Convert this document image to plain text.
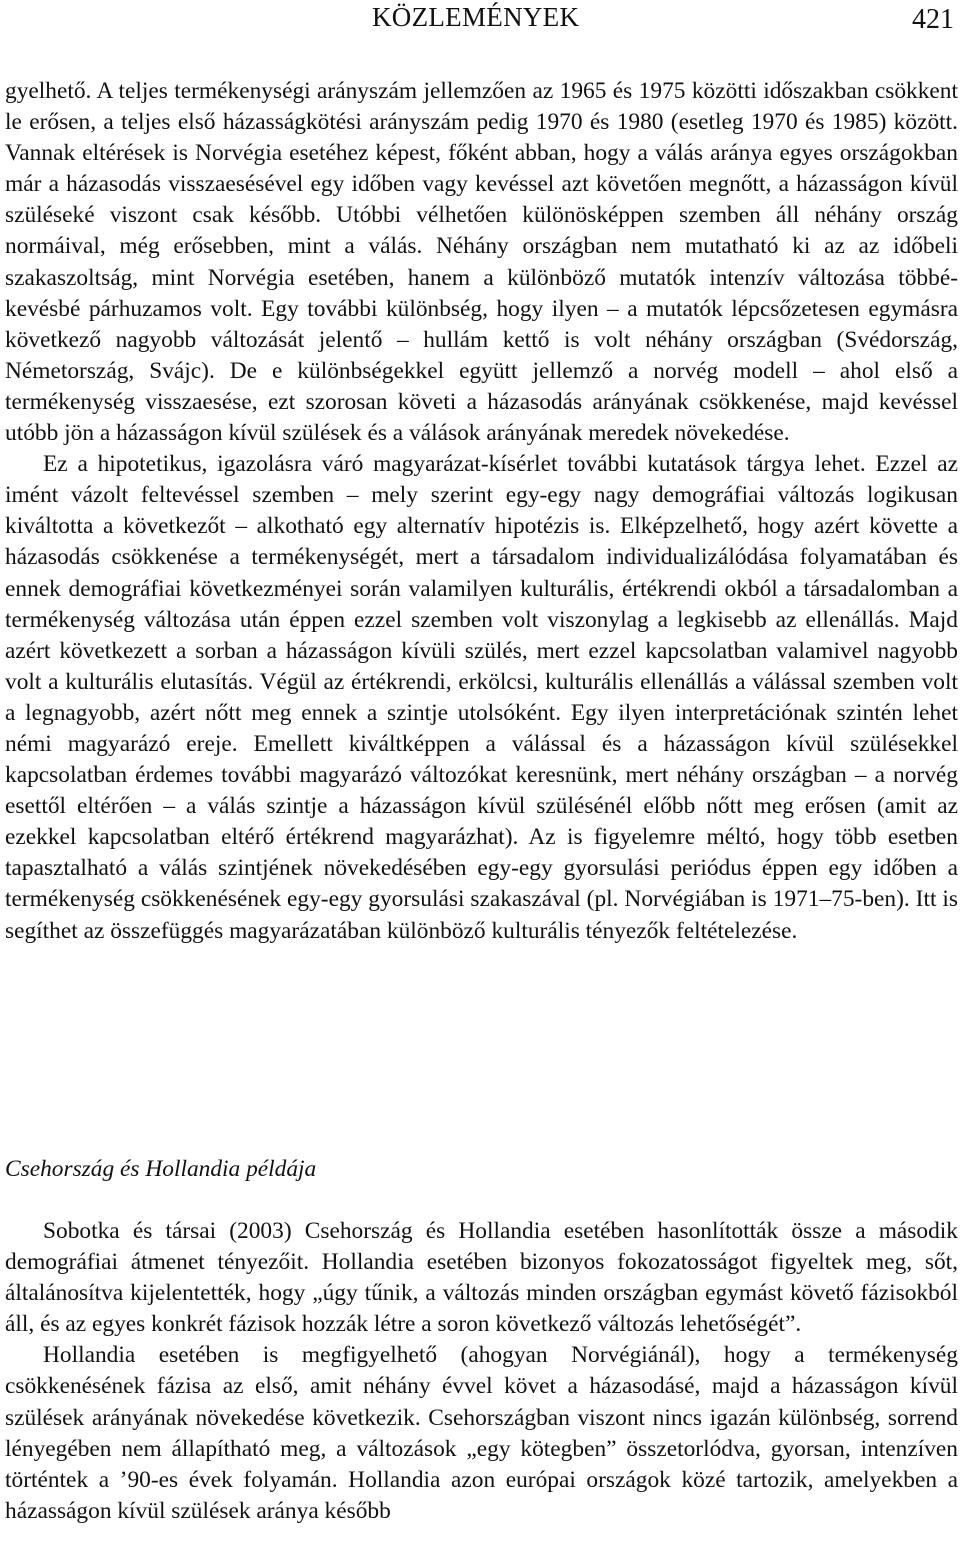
KÖZLEMÉNYEK	421

gyelhető. A teljes termékenységi arányszám jellemzően az 1965 és 1975 közötti időszakban csökkent le erősen, a teljes első házasságkötési arányszám pedig 1970 és 1980 (esetleg 1970 és 1985) között. Vannak eltérések is Norvégia esetéhez képest, főként abban, hogy a válás aránya egyes országokban már a házasodás visszaesésével egy időben vagy kevéssel azt követően megnőtt, a házasságon kívül szüléseké viszont csak később. Utóbbi vélhetően különösképpen szemben áll néhány ország normáival, még erősebben, mint a válás. Néhány országban nem mutatható ki az az időbeli szakaszoltság, mint Norvégia esetében, hanem a különböző mutatók intenzív változása többé-kevésbé párhuzamos volt. Egy további különbség, hogy ilyen – a mutatók lépcsőzetesen egymásra következő nagyobb változását jelentő – hullám kettő is volt néhány országban (Svédország, Németország, Svájc). De e különbségekkel együtt jellemző a norvég modell – ahol első a termékenység visszaesése, ezt szorosan követi a házasodás arányának csökkenése, majd kevéssel utóbb jön a házasságon kívül szülések és a válások arányának meredek növekedése.

Ez a hipotetikus, igazolásra váró magyarázat-kísérlet további kutatások tárgya lehet. Ezzel az imént vázolt feltevéssel szemben – mely szerint egy-egy nagy demográfiai változás logikusan kiváltotta a következőt – alkotható egy alternatív hipotézis is. Elképzelhető, hogy azért követte a házasodás csökkenése a termékenységét, mert a társadalom individualizálódása folyamatában és ennek demográfiai következményei során valamilyen kulturális, értékrendi okból a társadalomban a termékenység változása után éppen ezzel szemben volt viszonylag a legkisebb az ellenállás. Majd azért következett a sorban a házasságon kívüli szülés, mert ezzel kapcsolatban valamivel nagyobb volt a kulturális elutasítás. Végül az értékrendi, erkölcsi, kulturális ellenállás a válással szemben volt a legnagyobb, azért nőtt meg ennek a szintje utolsóként. Egy ilyen interpretációnak szintén lehet némi magyarázó ereje. Emellett kiváltképpen a válással és a házasságon kívül szülésekkel kapcsolatban érdemes további magyarázó változókat keresnünk, mert néhány országban – a norvég esettől eltérően – a válás szintje a házasságon kívül szülésénél előbb nőtt meg erősen (amit az ezekkel kapcsolatban eltérő értékrend magyarázhat). Az is figyelemre méltó, hogy több esetben tapasztalható a válás szintjének növekedésében egy-egy gyorsulási periódus éppen egy időben a termékenység csökkenésének egy-egy gyorsulási szakaszával (pl. Norvégiában is 1971–75-ben). Itt is segíthet az összefüggés magyarázatában különböző kulturális tényezők feltételezése.

Csehország és Hollandia példája

Sobotka és társai (2003) Csehország és Hollandia esetében hasonlították össze a második demográfiai átmenet tényezőit. Hollandia esetében bizonyos fokozatosságot figyeltek meg, sőt, általánosítva kijelentették, hogy „úgy tűnik, a változás minden országban egymást követő fázisokból áll, és az egyes konkrét fázisok hozzák létre a soron következő változás lehetőségét”.

Hollandia esetében is megfigyelhető (ahogyan Norvégiánál), hogy a termékenység csökkenésének fázisa az első, amit néhány évvel követ a házasodásé, majd a házasságon kívül szülések arányának növekedése következik. Csehországban viszont nincs igazán különbség, sorrend lényegében nem állapítható meg, a változások „egy kötegben” összetorlódva, gyorsan, intenzíven történtek a ’90-es évek folyamán. Hollandia azon európai országok közé tartozik, amelyekben a házasságon kívül szülések aránya később
